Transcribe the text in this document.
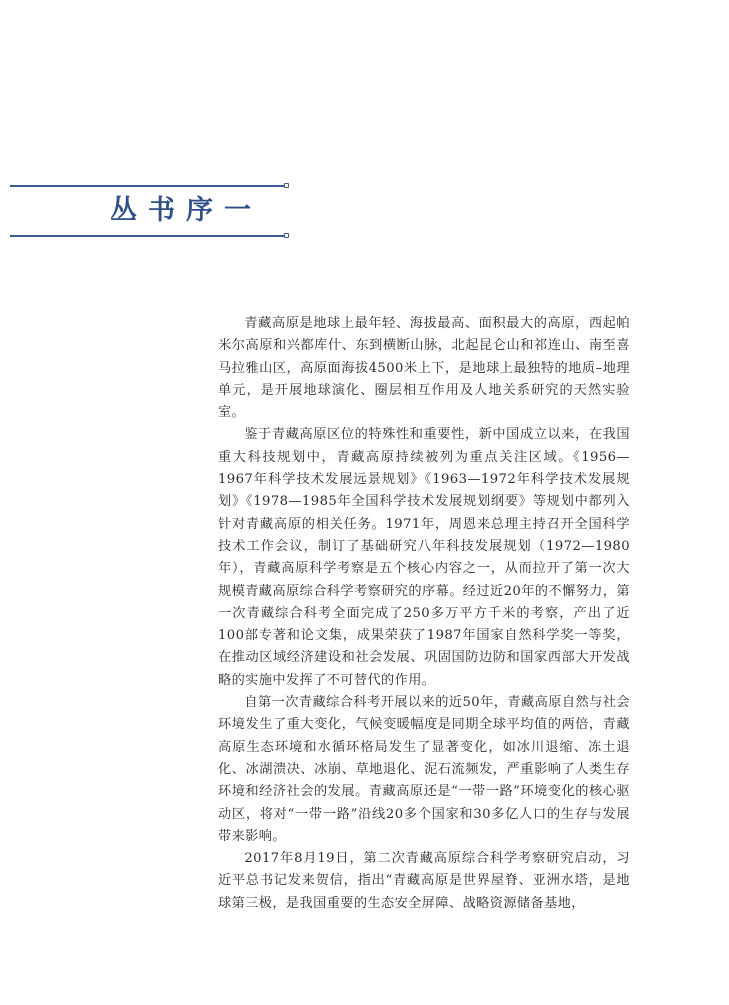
丛书序一

青藏高原是地球上最年轻、海拔最高、面积最大的高原，西起帕米尔高原和兴都库什、东到横断山脉，北起昆仑山和祁连山、南至喜马拉雅山区，高原面海拔4500米上下，是地球上最独特的地质–地理单元，是开展地球演化、圈层相互作用及人地关系研究的天然实验室。

鉴于青藏高原区位的特殊性和重要性，新中国成立以来，在我国重大科技规划中，青藏高原持续被列为重点关注区域。《1956—1967年科学技术发展远景规划》《1963—1972年科学技术发展规划》《1978—1985年全国科学技术发展规划纲要》等规划中都列入针对青藏高原的相关任务。1971年，周恩来总理主持召开全国科学技术工作会议，制订了基础研究八年科技发展规划（1972—1980年），青藏高原科学考察是五个核心内容之一，从而拉开了第一次大规模青藏高原综合科学考察研究的序幕。经过近20年的不懈努力，第一次青藏综合科考全面完成了250多万平方千米的考察，产出了近100部专著和论文集，成果荣获了1987年国家自然科学奖一等奖，在推动区域经济建设和社会发展、巩固国防边防和国家西部大开发战略的实施中发挥了不可替代的作用。

自第一次青藏综合科考开展以来的近50年，青藏高原自然与社会环境发生了重大变化，气候变暖幅度是同期全球平均值的两倍，青藏高原生态环境和水循环格局发生了显著变化，如冰川退缩、冻土退化、冰湖溃决、冰崩、草地退化、泥石流频发，严重影响了人类生存环境和经济社会的发展。青藏高原还是“一带一路”环境变化的核心驱动区，将对“一带一路”沿线20多个国家和30多亿人口的生存与发展带来影响。

2017年8月19日，第二次青藏高原综合科学考察研究启动，习近平总书记发来贺信，指出“青藏高原是世界屋脊、亚洲水塔，是地球第三极，是我国重要的生态安全屏障、战略资源储备基地，
